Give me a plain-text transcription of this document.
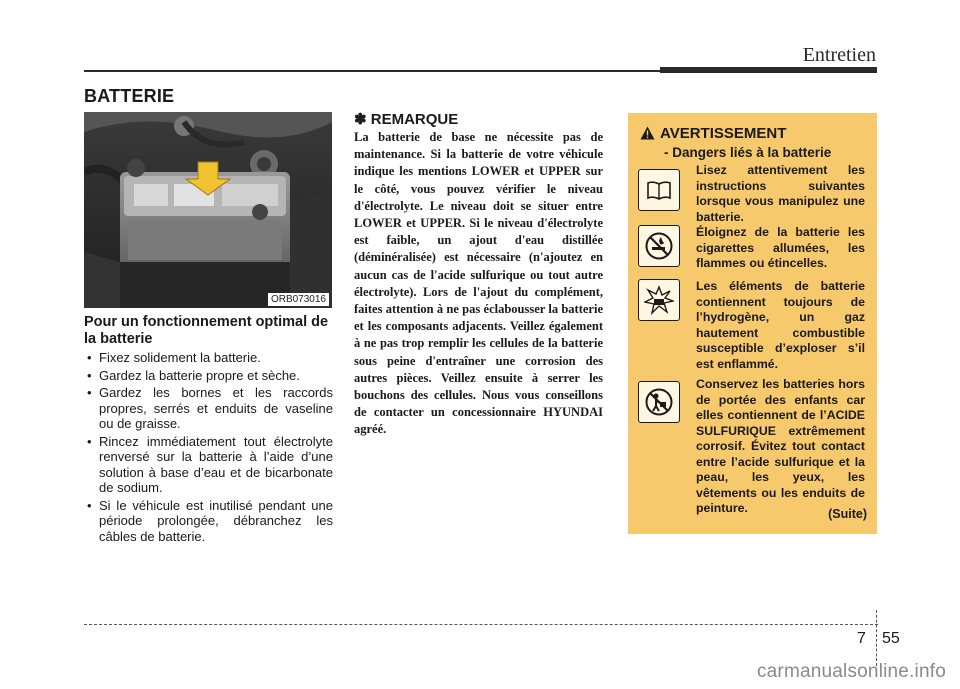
Entretien
BATTERIE
ORB073016
Pour un fonctionnement optimal de la batterie
• Fixez solidement la batterie.
• Gardez la batterie propre et sèche.
• Gardez les bornes et les raccords propres, serrés et enduits de vaseline ou de graisse.
• Rincez immédiatement tout électrolyte renversé sur la batterie à l’aide d’une solution à base d’eau et de bicarbonate de sodium.
• Si le véhicule est inutilisé pendant une période prolongée, débranchez les câbles de batterie.
✽ REMARQUE

La batterie de base ne nécessite pas de maintenance. Si la batterie de votre véhicule indique les mentions LOWER et UPPER sur le côté, vous pouvez vérifier le niveau d'électrolyte. Le niveau doit se situer entre LOWER et UPPER. Si le niveau d'électrolyte est faible, un ajout d'eau distillée (déminéralisée) est nécessaire (n'ajoutez en aucun cas de l'acide sulfurique ou tout autre électrolyte). Lors de l'ajout du complément, faites attention à ne pas éclabousser la batterie et les composants adjacents. Veillez également à ne pas trop remplir les cellules de la batterie sous peine d'entraîner une corrosion des autres pièces. Veillez ensuite à serrer les bouchons des cellules. Nous vous conseillons de contacter un concessionnaire HYUNDAI agréé.

AVERTISSEMENT
- Dangers liés à la batterie
Lisez attentivement les instructions suivantes lorsque vous manipulez une batterie.
Éloignez de la batterie les cigarettes allumées, les flammes ou étincelles.
Les éléments de batterie contiennent toujours de l’hydrogène, un gaz hautement combustible susceptible d’exploser s’il est enflammé.
Conservez les batteries hors de portée des enfants car elles contiennent de l’ACIDE SULFURIQUE extrêmement corrosif. Évitez tout contact entre l’acide sulfurique et la peau, les yeux, les vêtements ou les enduits de peinture.	(Suite)
7 55
carmanualsonline.info
